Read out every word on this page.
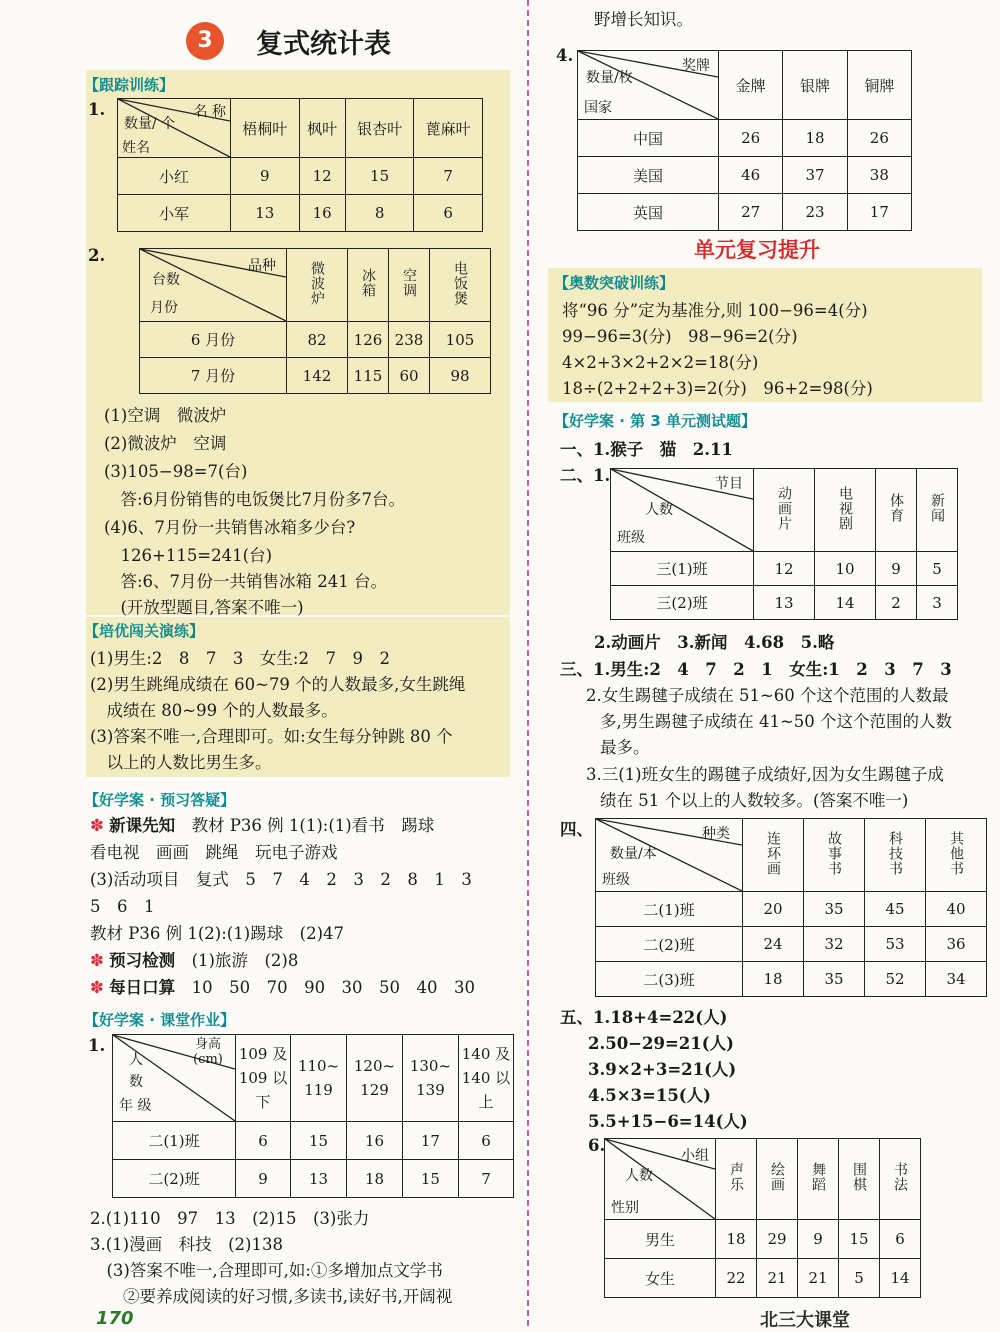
3	复式统计表
【跟踪训练】
1.	名 称
数量/ 个
姓名	梧桐叶	枫叶	银杏叶	蓖麻叶
小红	9	12	15	7
小军	13	16	8	6
2.
品种
台数
月份	微波炉	冰箱	空调	电饭煲
6 月份	82	126	238	105
7 月份	142	115	60	98
(1)空调　微波炉
(2)微波炉　空调
(3)105−98=7(台)
　答:6月份销售的电饭煲比7月份多7台。
(4)6、7月份一共销售冰箱多少台?
　126+115=241(台)
　答:6、7月份一共销售冰箱 241 台。
　(开放型题目,答案不唯一)
【培优闯关演练】
(1)男生:2　8　7　3　女生:2　7　9　2
(2)男生跳绳成绩在 60~79 个的人数最多,女生跳绳
　成绩在 80~99 个的人数最多。
(3)答案不唯一,合理即可。如:女生每分钟跳 80 个
　以上的人数比男生多。
【好学案 · 预习答疑】
✽ 新课先知　教材 P36 例 1(1):(1)看书　踢球
看电视　画画　跳绳　玩电子游戏
(3)活动项目　复式　5　7　4　2　3　2　8　1　3
5　6　1
教材 P36 例 1(2):(1)踢球　(2)47
✽ 预习检测　(1)旅游　(2)8
✽ 每日口算　10　50　70　90　30　50　40　30
【好学案 · 课堂作业】
1.	身高 (cm)
人 数
年 级	109 及 109 以下	110~ 119	120~ 129	130~ 139	140 及 140 以上
二(1)班	6	15	16	17	6
二(2)班	9	13	18	15	7
2.(1)110　97　13　(2)15　(3)张力
3.(1)漫画　科技　(2)138
　(3)答案不唯一,合理即可,如:①多增加点文学书
　　②要养成阅读的好习惯,多读书,读好书,开阔视
170
野增长知识。
4.
奖牌
数量/枚
国家	金牌	银牌	铜牌
中国	26	18	26
美国	46	37	38
英国	27	23	17
单元复习提升
【奥数突破训练】
将“96 分”定为基准分,则 100−96=4(分)
99−96=3(分)　98−96=2(分)
4×2+3×2+2×2=18(分)
18÷(2+2+2+3)=2(分)　96+2=98(分)
【好学案 · 第 3 单元测试题】
一、1.猴子　猫　2.11
二、1.	节目
人数
班级	动画片	电视剧	体育	新闻
三(1)班	12	10	9	5
三(2)班	13	14	2	3
2.动画片　3.新闻　4.68　5.略
三、1.男生:2　4　7　2　1　女生:1　2　3　7　3
2.女生踢毽子成绩在 51~60 个这个范围的人数最
多,男生踢毽子成绩在 41~50 个这个范围的人数
最多。
3.三(1)班女生的踢毽子成绩好,因为女生踢毽子成
绩在 51 个以上的人数较多。(答案不唯一)
四、	种类
数量/本
班级	连环画	故事书	科技书	其他书
二(1)班	20	35	45	40
二(2)班	24	32	53	36
二(3)班	18	35	52	34
五、1.18+4=22(人)
2.50−29=21(人)
3.9×2+3=21(人)
4.5×3=15(人)
5.5+15−6=14(人)
6.
小组
人数
性别	声乐	绘画	舞蹈	围棋	书法
男生	18	29	9	15	6
女生	22	21	21	5	14
北三大课堂
